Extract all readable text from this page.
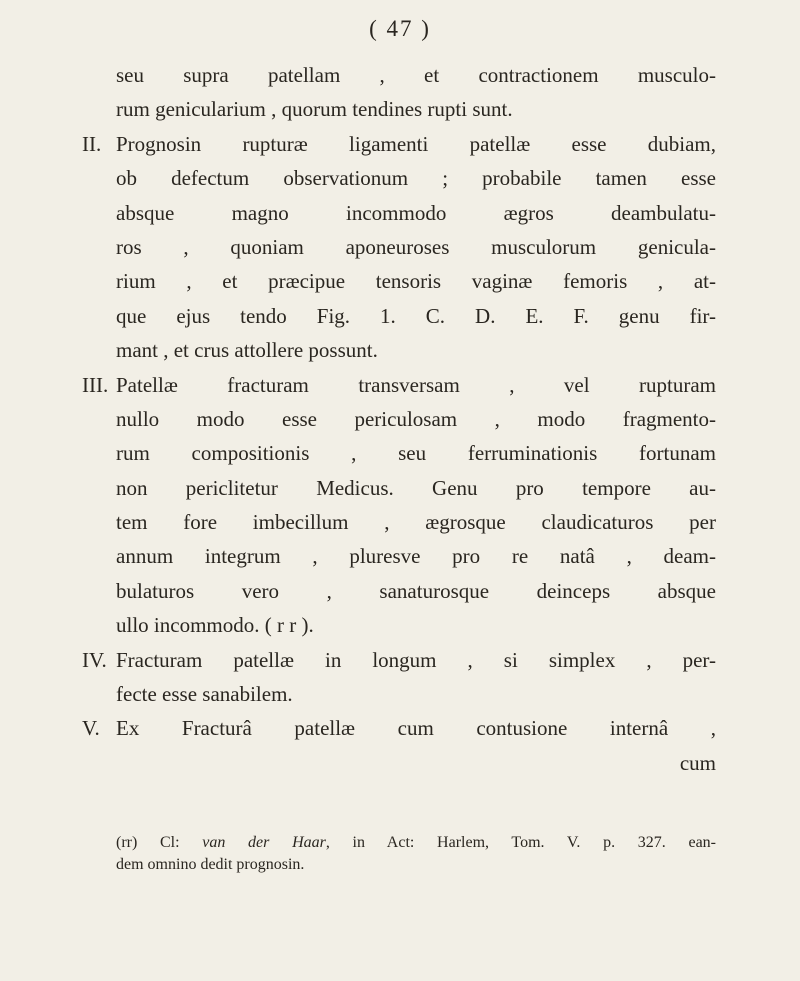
( 47 )
seu supra patellam , et contractionem musculo-
rum genicularium , quorum tendines rupti sunt.
II. Prognosin rupturæ ligamenti patellæ esse dubiam,
ob defectum observationum ; probabile tamen esse
absque magno incommodo ægros deambulatu-
ros , quoniam aponeuroses musculorum genicula-
rium , et præcipue tensoris vaginæ femoris , at-
que ejus tendo Fig. 1. C. D. E. F. genu fir-
mant , et crus attollere possunt.
III. Patellæ fracturam transversam , vel rupturam
nullo modo esse periculosam , modo fragmento-
rum compositionis , seu ferruminationis fortunam
non periclitetur Medicus. Genu pro tempore au-
tem fore imbecillum , ægrosque claudicaturos per
annum integrum , pluresve pro re natâ , deam-
bulaturos vero , sanaturosque deinceps absque
ullo incommodo. ( r r ).
IV. Fracturam patellæ in longum , si simplex , per-
fecte esse sanabilem.
V. Ex Fracturâ patellæ cum contusione internâ ,
cum
(rr) Cl: van der Haar, in Act: Harlem, Tom. V. p. 327. ean-
dem omnino dedit prognosin.
